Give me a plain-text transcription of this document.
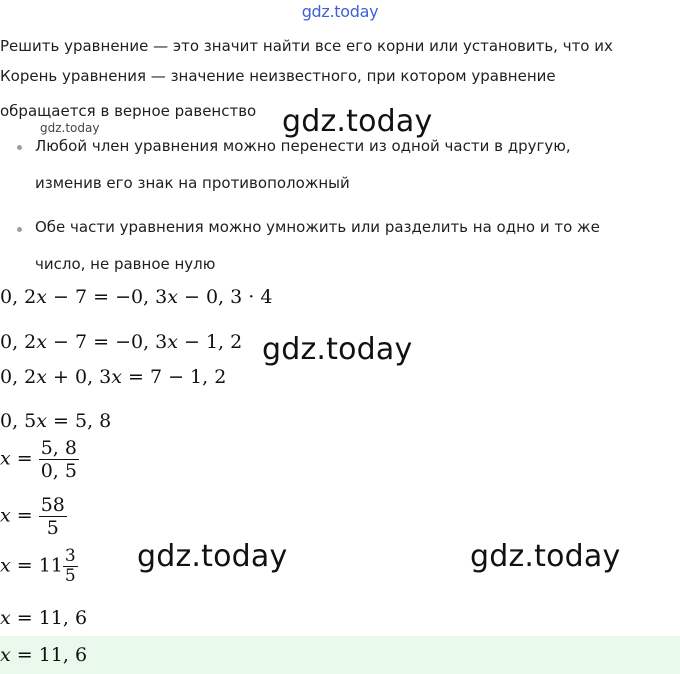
gdz.today
Решить уравнение — это значит найти все его корни или установить, что их
Корень уравнения — значение неизвестного, при котором уравнение
обращается в верное равенство
gdz.today	gdz.today
Любой член уравнения можно перенести из одной части в другую,
изменив его знак на противоположный
Обе части уравнения можно умножить или разделить на одно и то же
число, не равное нулю
0, 2x − 7 = −0, 3x − 0, 3 · 4
0, 2x − 7 = −0, 3x − 1, 2 gdz.today
0, 2x + 0, 3x = 7 − 1, 2
0, 5x = 5, 8
$x = \frac{5, 8}{0, 5}$
$x = \frac{58}{5}$
$x = 11 \frac{3}{5}$ gdz.today	gdz.today
x = 11, 6
x = 11, 6
